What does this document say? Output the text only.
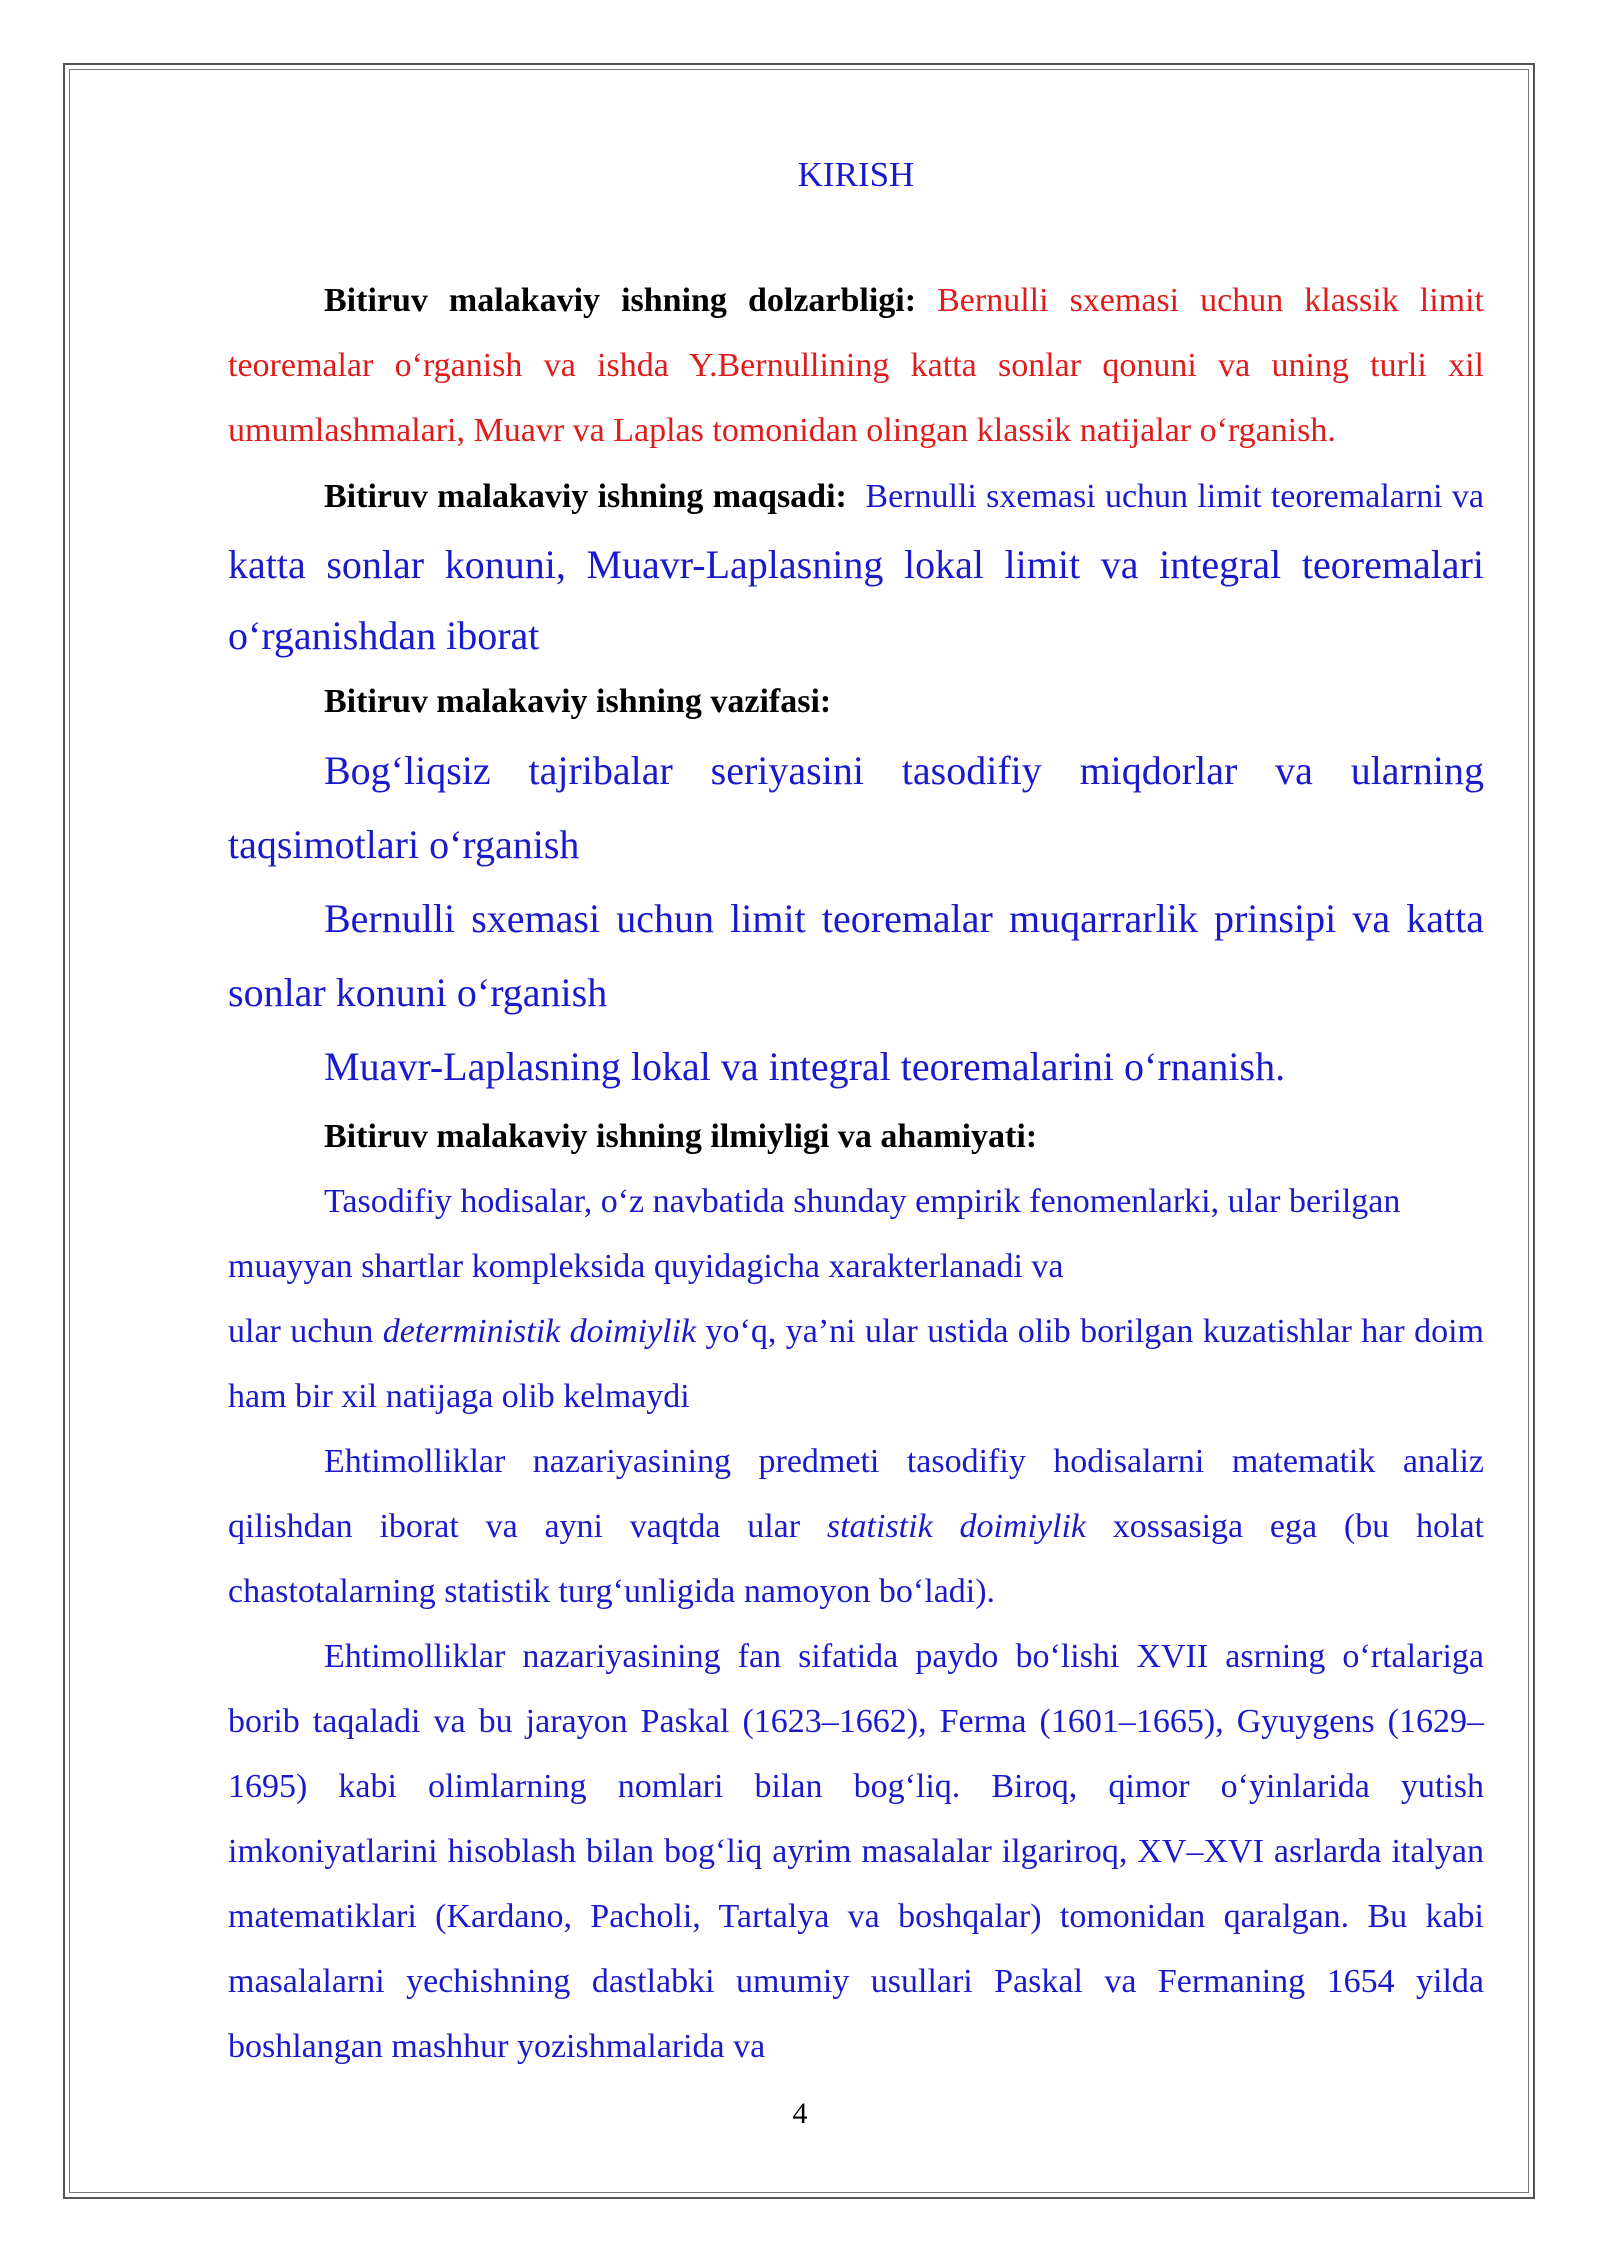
KIRISH

Bitiruv malakaviy ishning dolzarbligi: Bernulli sxemasi uchun klassik limit teoremalar o‘rganish va ishda Y.Bernullining katta sonlar qonuni va uning turli xil umumlashmalari, Muavr va Laplas tomonidan olingan klassik natijalar o‘rganish.

Bitiruv malakaviy ishning maqsadi:  Bernulli sxemasi uchun limit teoremalarni va katta sonlar konuni, Muavr-Laplasning lokal limit va integral teoremalari o‘rganishdan iborat

Bitiruv malakaviy ishning vazifasi:

Bog‘liqsiz tajribalar seriyasini tasodifiy miqdorlar va ularning taqsimotlari o‘rganish

Bernulli sxemasi uchun limit teoremalar muqarrarlik prinsipi va katta sonlar konuni o‘rganish

Muavr-Laplasning lokal va integral teoremalarini o‘rnanish.

Bitiruv malakaviy ishning ilmiyligi va ahamiyati:

Tasodifiy hodisalar, o‘z navbatida shunday empirik fenomenlarki, ular berilgan muayyan shartlar kompleksida quyidagicha xarakterlanadi va

ular uchun deterministik doimiylik yo‘q, ya’ni ular ustida olib borilgan kuzatishlar har doim ham bir xil natijaga olib kelmaydi

Ehtimolliklar nazariyasining predmeti tasodifiy hodisalarni matematik analiz qilishdan iborat va ayni vaqtda ular statistik doimiylik xossasiga ega (bu holat chastotalarning statistik turg‘unligida namoyon bo‘ladi).

Ehtimolliklar nazariyasining fan sifatida paydo bo‘lishi XVII asrning o‘rtalariga borib taqaladi va bu jarayon Paskal (1623–1662), Ferma (1601–1665), Gyuygens (1629–1695) kabi olimlarning nomlari bilan bog‘liq. Biroq, qimor o‘yinlarida yutish imkoniyatlarini hisoblash bilan bog‘liq ayrim masalalar ilgariroq, XV–XVI asrlarda italyan matematiklari (Kardano, Pacholi, Tartalya va boshqalar) tomonidan qaralgan. Bu kabi masalalarni yechishning dastlabki umumiy usullari Paskal va Fermaning 1654 yilda boshlangan mashhur yozishmalarida va

4
